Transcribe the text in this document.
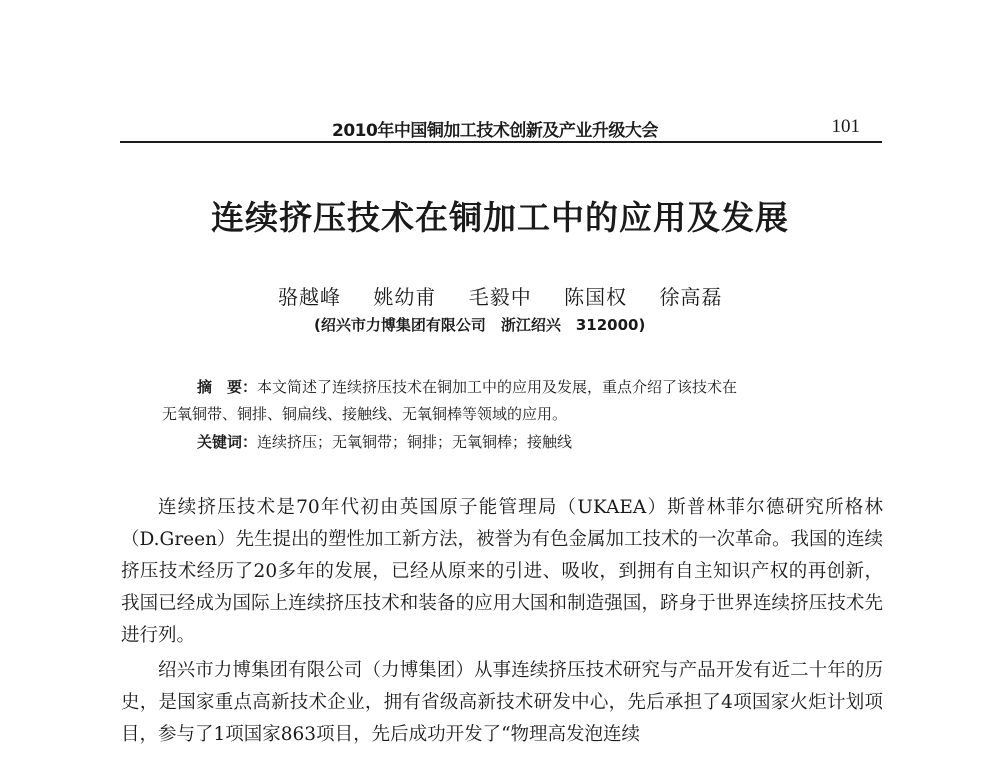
2010年中国铜加工技术创新及产业升级大会	101
连续挤压技术在铜加工中的应用及发展
骆越峰 姚幼甫 毛毅中 陈国权 徐高磊
(绍兴市力博集团有限公司　浙江绍兴　312000)
摘　要：本文简述了连续挤压技术在铜加工中的应用及发展，重点介绍了该技术在
无氧铜带、铜排、铜扁线、接触线、无氧铜棒等领域的应用。
关键词：连续挤压；无氧铜带；铜排；无氧铜棒；接触线

连续挤压技术是70年代初由英国原子能管理局（UKAEA）斯普林菲尔德研究所格林（D.Green）先生提出的塑性加工新方法，被誉为有色金属加工技术的一次革命。我国的连续挤压技术经历了20多年的发展，已经从原来的引进、吸收，到拥有自主知识产权的再创新，我国已经成为国际上连续挤压技术和装备的应用大国和制造强国，跻身于世界连续挤压技术先进行列。

绍兴市力博集团有限公司（力博集团）从事连续挤压技术研究与产品开发有近二十年的历史，是国家重点高新技术企业，拥有省级高新技术研发中心，先后承担了4项国家火炬计划项目，参与了1项国家863项目，先后成功开发了“物理高发泡连续
